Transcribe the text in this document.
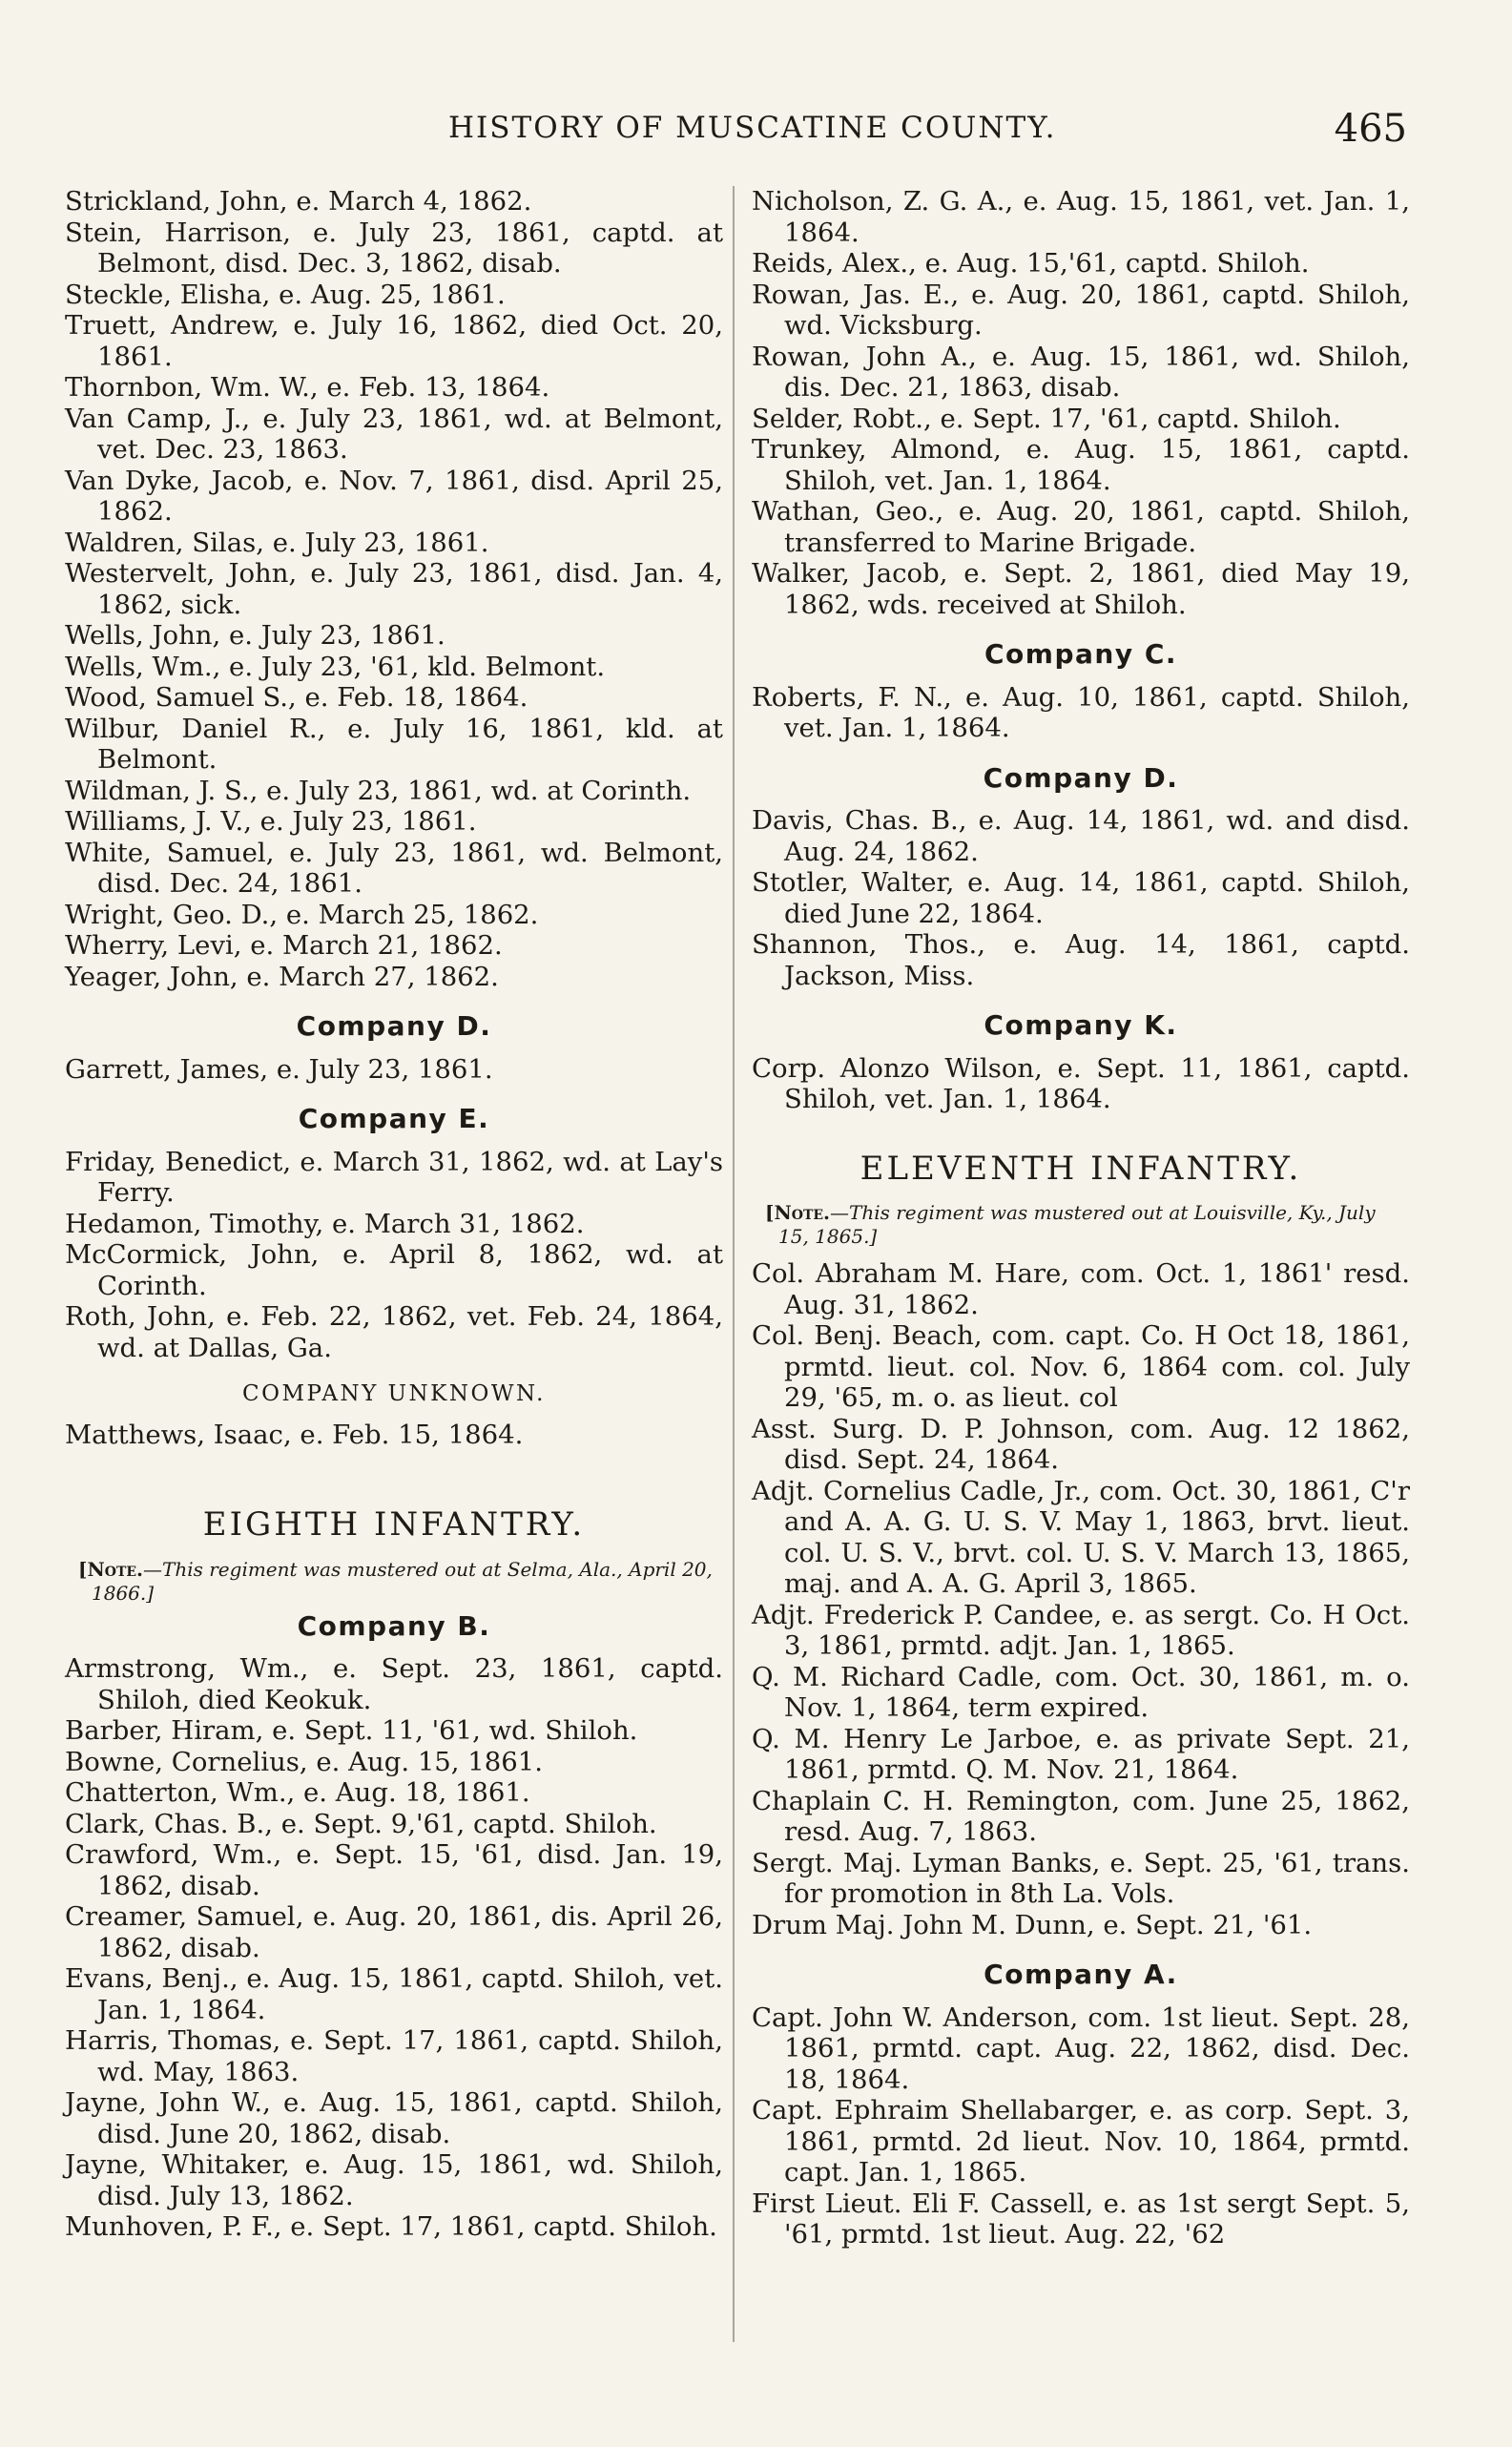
HISTORY OF MUSCATINE COUNTY.	465
Strickland, John, e. March 4, 1862.
Stein, Harrison, e. July 23, 1861, captd. at Belmont, disd. Dec. 3, 1862, disab.
Steckle, Elisha, e. Aug. 25, 1861.
Truett, Andrew, e. July 16, 1862, died Oct. 20, 1861.
Thornbon, Wm. W., e. Feb. 13, 1864.
Van Camp, J., e. July 23, 1861, wd. at Belmont, vet. Dec. 23, 1863.
Van Dyke, Jacob, e. Nov. 7, 1861, disd. April 25, 1862.
Waldren, Silas, e. July 23, 1861.
Westervelt, John, e. July 23, 1861, disd. Jan. 4, 1862, sick.
Wells, John, e. July 23, 1861.
Wells, Wm., e. July 23, '61, kld. Belmont.
Wood, Samuel S., e. Feb. 18, 1864.
Wilbur, Daniel R., e. July 16, 1861, kld. at Belmont.
Wildman, J. S., e. July 23, 1861, wd. at Corinth.
Williams, J. V., e. July 23, 1861.
White, Samuel, e. July 23, 1861, wd. Belmont, disd. Dec. 24, 1861.
Wright, Geo. D., e. March 25, 1862.
Wherry, Levi, e. March 21, 1862.
Yeager, John, e. March 27, 1862.
Company D.
Garrett, James, e. July 23, 1861.
Company E.
Friday, Benedict, e. March 31, 1862, wd. at Lay's Ferry.
Hedamon, Timothy, e. March 31, 1862.
McCormick, John, e. April 8, 1862, wd. at Corinth.
Roth, John, e. Feb. 22, 1862, vet. Feb. 24, 1864, wd. at Dallas, Ga.
COMPANY UNKNOWN.
Matthews, Isaac, e. Feb. 15, 1864.
EIGHTH INFANTRY.
[Note.—This regiment was mustered out at Selma, Ala., April 20, 1866.]
Company B.
Armstrong, Wm., e. Sept. 23, 1861, captd. Shiloh, died Keokuk.
Barber, Hiram, e. Sept. 11, '61, wd. Shiloh.
Bowne, Cornelius, e. Aug. 15, 1861.
Chatterton, Wm., e. Aug. 18, 1861.
Clark, Chas. B., e. Sept. 9,'61, captd. Shiloh.
Crawford, Wm., e. Sept. 15, '61, disd. Jan. 19, 1862, disab.
Creamer, Samuel, e. Aug. 20, 1861, dis. April 26, 1862, disab.
Evans, Benj., e. Aug. 15, 1861, captd. Shiloh, vet. Jan. 1, 1864.
Harris, Thomas, e. Sept. 17, 1861, captd. Shiloh, wd. May, 1863.
Jayne, John W., e. Aug. 15, 1861, captd. Shiloh, disd. June 20, 1862, disab.
Jayne, Whitaker, e. Aug. 15, 1861, wd. Shiloh, disd. July 13, 1862.
Munhoven, P. F., e. Sept. 17, 1861, captd. Shiloh.
Nicholson, Z. G. A., e. Aug. 15, 1861, vet. Jan. 1, 1864.
Reids, Alex., e. Aug. 15,'61, captd. Shiloh.
Rowan, Jas. E., e. Aug. 20, 1861, captd. Shiloh, wd. Vicksburg.
Rowan, John A., e. Aug. 15, 1861, wd. Shiloh, dis. Dec. 21, 1863, disab.
Selder, Robt., e. Sept. 17, '61, captd. Shiloh.
Trunkey, Almond, e. Aug. 15, 1861, captd. Shiloh, vet. Jan. 1, 1864.
Wathan, Geo., e. Aug. 20, 1861, captd. Shiloh, transferred to Marine Brigade.
Walker, Jacob, e. Sept. 2, 1861, died May 19, 1862, wds. received at Shiloh.
Company C.
Roberts, F. N., e. Aug. 10, 1861, captd. Shiloh, vet. Jan. 1, 1864.
Company D.
Davis, Chas. B., e. Aug. 14, 1861, wd. and disd. Aug. 24, 1862.
Stotler, Walter, e. Aug. 14, 1861, captd. Shiloh, died June 22, 1864.
Shannon, Thos., e. Aug. 14, 1861, captd. Jackson, Miss.
Company K.
Corp. Alonzo Wilson, e. Sept. 11, 1861, captd. Shiloh, vet. Jan. 1, 1864.
ELEVENTH INFANTRY.
[Note.—This regiment was mustered out at Louisville, Ky., July 15, 1865.]
Col. Abraham M. Hare, com. Oct. 1, 1861' resd. Aug. 31, 1862.
Col. Benj. Beach, com. capt. Co. H Oct 18, 1861, prmtd. lieut. col. Nov. 6, 1864 com. col. July 29, '65, m. o. as lieut. col
Asst. Surg. D. P. Johnson, com. Aug. 12 1862, disd. Sept. 24, 1864.
Adjt. Cornelius Cadle, Jr., com. Oct. 30, 1861, C'r and A. A. G. U. S. V. May 1, 1863, brvt. lieut. col. U. S. V., brvt. col. U. S. V. March 13, 1865, maj. and A. A. G. April 3, 1865.
Adjt. Frederick P. Candee, e. as sergt. Co. H Oct. 3, 1861, prmtd. adjt. Jan. 1, 1865.
Q. M. Richard Cadle, com. Oct. 30, 1861, m. o. Nov. 1, 1864, term expired.
Q. M. Henry Le Jarboe, e. as private Sept. 21, 1861, prmtd. Q. M. Nov. 21, 1864.
Chaplain C. H. Remington, com. June 25, 1862, resd. Aug. 7, 1863.
Sergt. Maj. Lyman Banks, e. Sept. 25, '61, trans. for promotion in 8th La. Vols.
Drum Maj. John M. Dunn, e. Sept. 21, '61.
Company A.
Capt. John W. Anderson, com. 1st lieut. Sept. 28, 1861, prmtd. capt. Aug. 22, 1862, disd. Dec. 18, 1864.
Capt. Ephraim Shellabarger, e. as corp. Sept. 3, 1861, prmtd. 2d lieut. Nov. 10, 1864, prmtd. capt. Jan. 1, 1865.
First Lieut. Eli F. Cassell, e. as 1st sergt Sept. 5, '61, prmtd. 1st lieut. Aug. 22, '62
